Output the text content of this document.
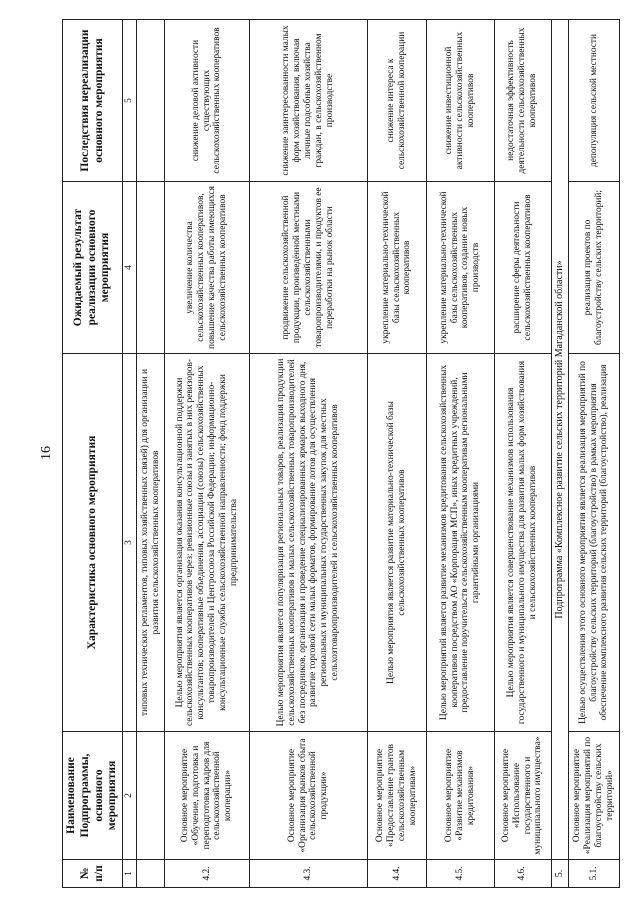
16
№ п/п	Наименование Подпрограммы, основного мероприятия	Характеристика основного мероприятия	Ожидаемый результат реализации основного мероприятия	Последствия нереализации основного мероприятия
1	2	3	4	5
		типовых технических регламентов, типовых хозяйственных связей) для организации и развития сельскохозяйственных кооперативов		
4.2.	Основное мероприятие «Обучение, подготовка и переподготовка кадров для сельскохозяйственной кооперации»	Целью мероприятия является организация оказания консультационной поддержки сельскохозяйственных кооперативов через: ревизионные союзы и занятых в них ревизоров-консультантов; кооперативные объединения, ассоциации (союзы) сельскохозяйственных товаропроизводителей и Центросоюза Российской Федерации; информационно-консультационные службы сельскохозяйственной направленности; фонд поддержки предпринимательства	увеличение количества сельскохозяйственных кооперативов, повышение качества работы имеющихся сельскохозяйственных кооперативов	снижение деловой активности существующих сельскохозяйственных кооперативов
4.3.	Основное мероприятие «Организация рынков сбыта сельскохозяйственной продукции»	Целью мероприятия является популяризация региональных товаров, реализация продукции сельскохозяйственных кооперативов и малых сельскохозяйственных товаропроизводителей без посредников, организация и проведение специализированных ярмарок выходного дня, развитие торговой сети малых форматов, формирование лотов для осуществления региональных и муниципальных государственных закупок для местных сельхозтоваропроизводителей и сельскохозяйственных кооперативов	продвижение сельскохозяйственной продукции, произведённой местными сельскохозяйственными товаропроизводителями, и продуктов ее переработки на рынок области	снижение заинтересованности малых форм хозяйствования, включая личные подсобные хозяйства граждан, в сельскохозяйственном производстве
4.4.	Основное мероприятие «Предоставление грантов сельскохозяйственным кооперативам»	Целью мероприятия является развитие материально-технической базы сельскохозяйственных кооперативов	укрепление материально-технической базы сельскохозяйственных кооперативов	снижение интереса к сельскохозяйственной кооперации
4.5.	Основное мероприятие «Развитие механизмов кредитования»	Целью мероприятий является развитие механизмов кредитования сельскохозяйственных кооперативов посредством АО «Корпорация МСП», иных кредитных учреждений, предоставление поручительств сельскохозяйственным кооперативам региональными гарантийными организациями	укрепление материально-технической базы сельскохозяйственных кооперативов, создание новых производств	снижение инвестиционной активности сельскохозяйственных кооперативов
4.6.	Основное мероприятие «Использование государственного и муниципального имущества»	Целью мероприятия является совершенствование механизмов использования государственного и муниципального имущества для развития малых форм хозяйствования и сельскохозяйственных кооперативов	расширение сферы деятельности сельскохозяйственных кооперативов	недостаточная эффективность деятельности сельскохозяйственных кооперативов
5.	Подпрограмма «Комплексное развитие сельских территорий Магаданской области»			
5.1.	Основное мероприятие «Реализация мероприятий по благоустройству сельских территорий»	Целью осуществления этого основного мероприятия является реализация мероприятий по благоустройству сельских территорий (благоустройство) в рамках мероприятия обеспечение комплексного развития сельских территорий (благоустройство), реализация	реализация проектов по благоустройству сельских территорий;	депопуляция сельской местности
